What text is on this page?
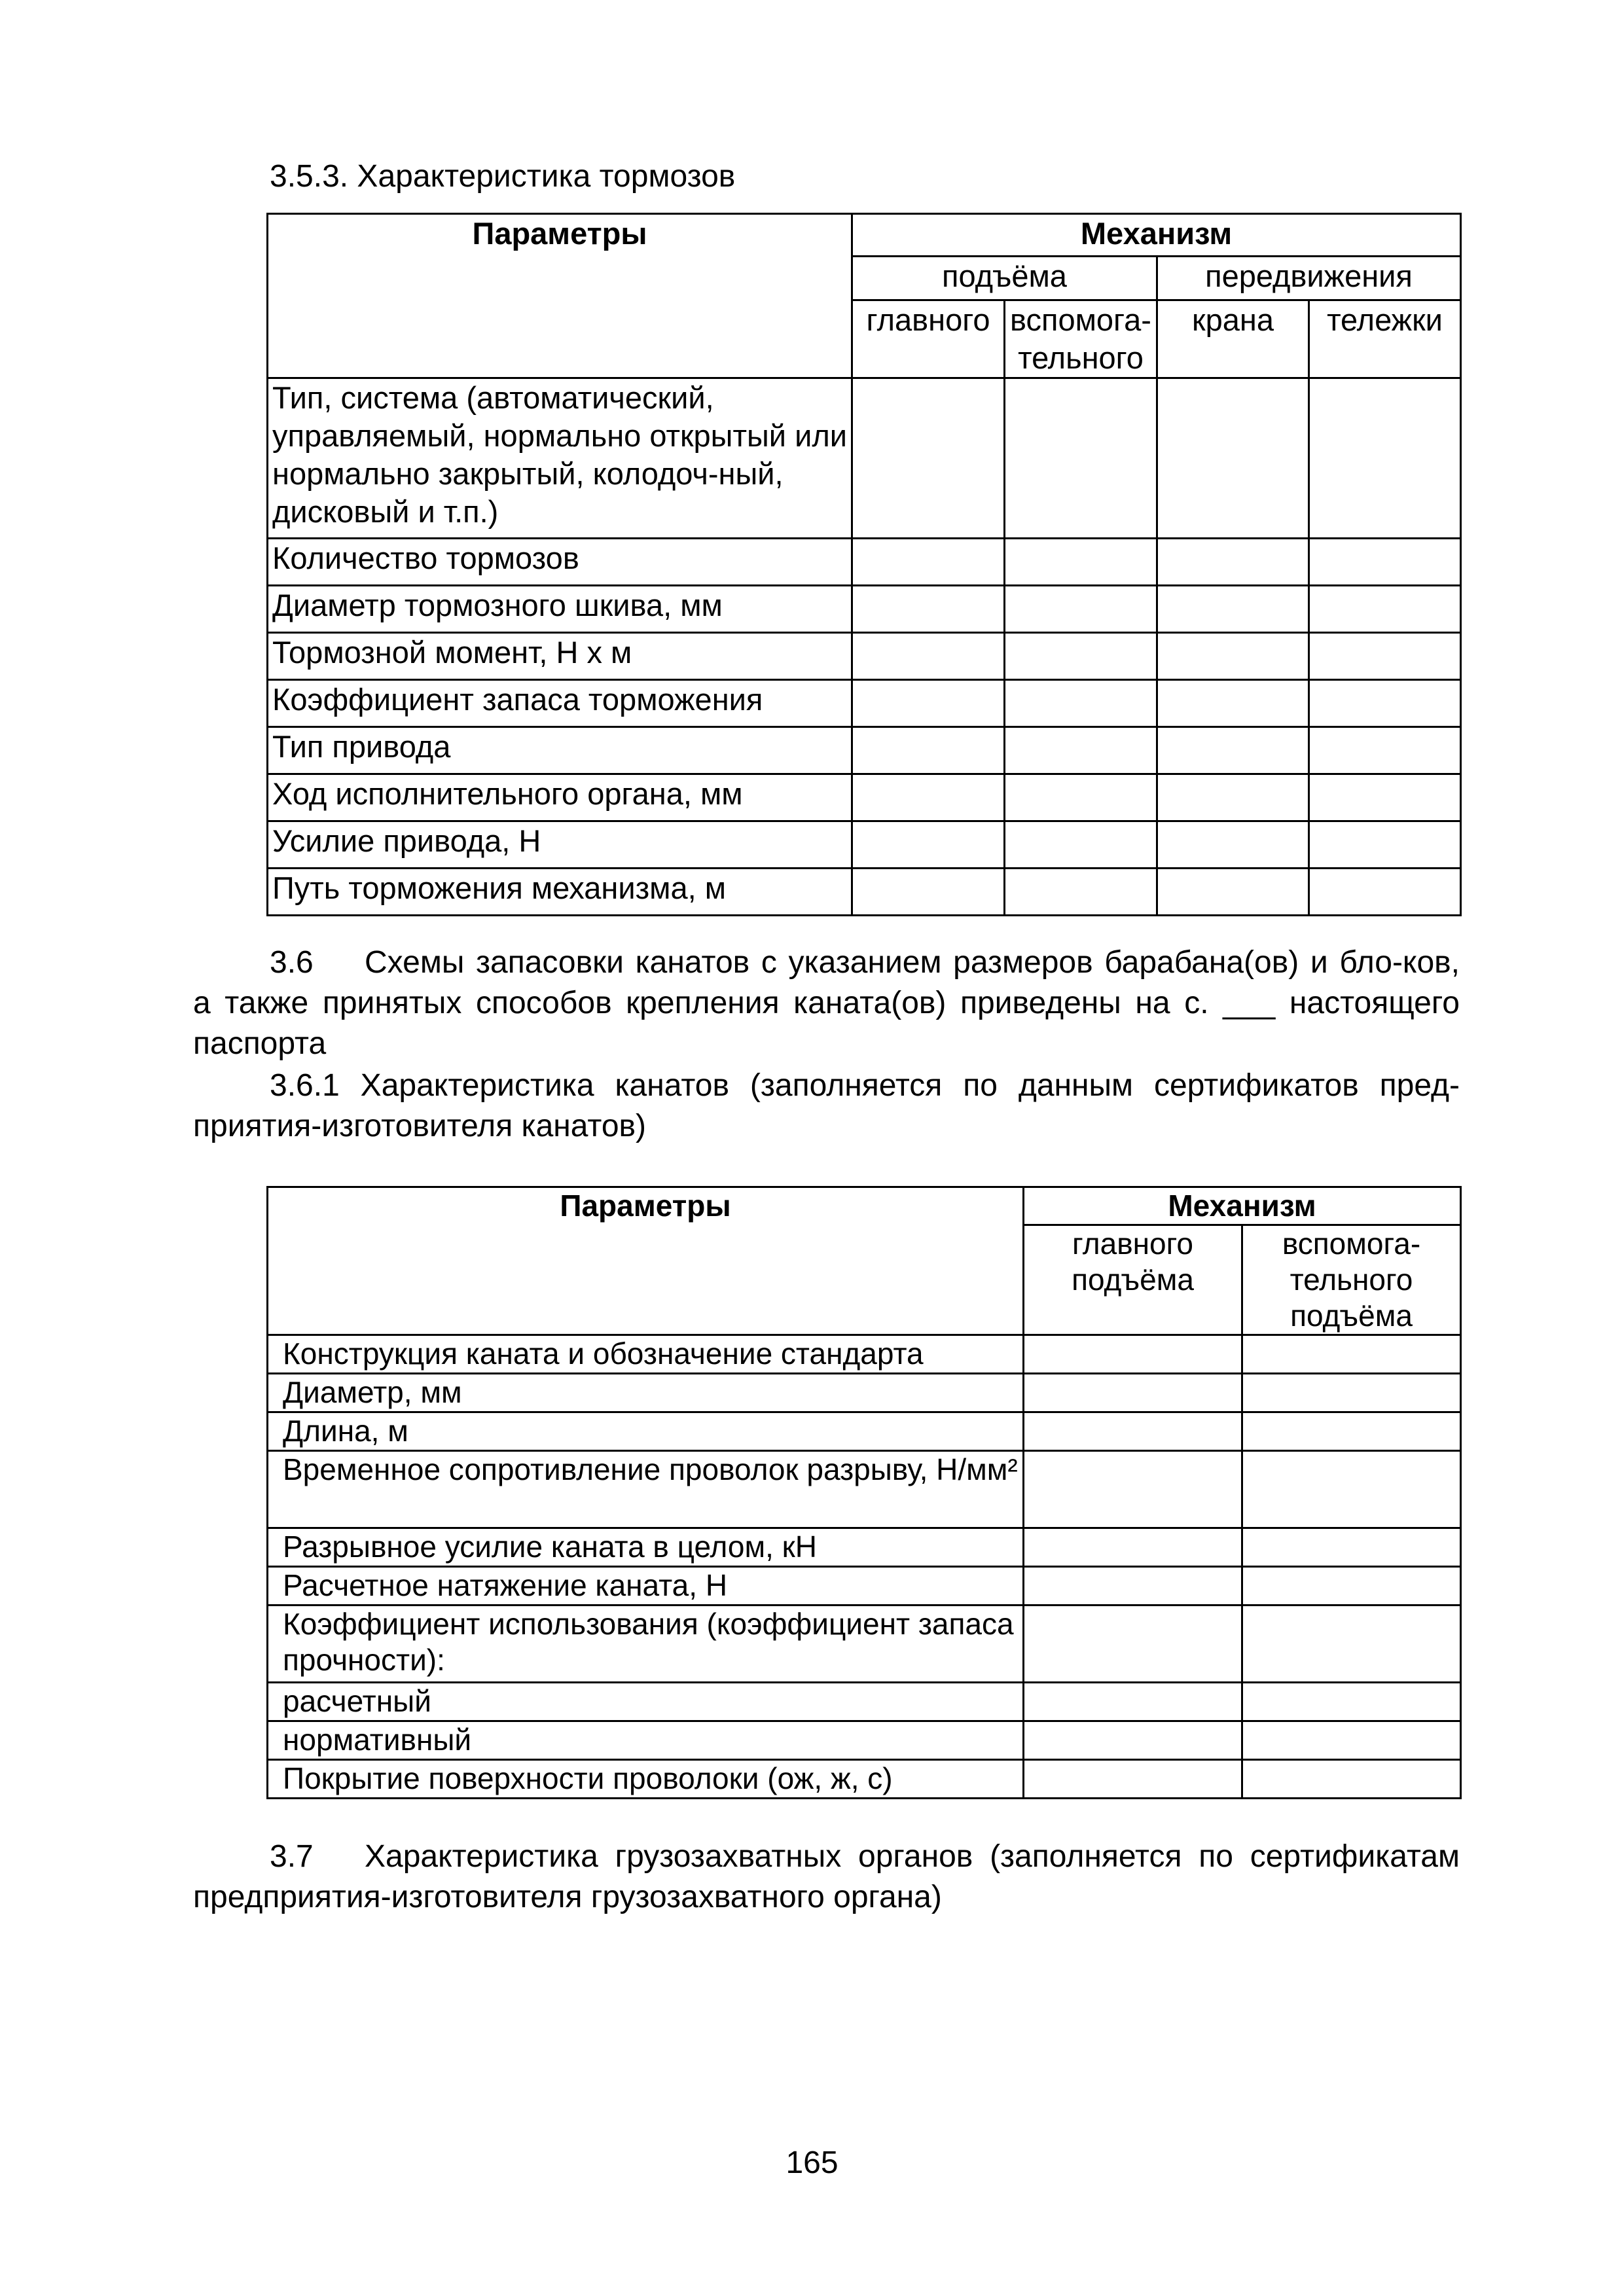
3.5.3. Характеристика тормозов
Параметры	Механизм			
	подъёма		передвижения	
	главного	вспомога-тельного	крана	тележки
Тип, система (автоматический, управляемый, нормально открытый или нормально закрытый, колодоч-ный, дисковый и т.п.)				
Количество тормозов				
Диаметр тормозного шкива, мм				
Тормозной момент, Н х м				
Коэффициент запаса торможения				
Тип привода				
Ход исполнительного органа, мм				
Усилие привода, Н				
Путь торможения механизма, м				

3.6 Схемы запасовки канатов с указанием размеров барабана(ов) и бло-ков, а также принятых способов крепления каната(ов) приведены на с. ___ настоящего паспорта

3.6.1 Характеристика канатов (заполняется по данным сертификатов пред-приятия-изготовителя канатов)

Параметры	Механизм	
	главного подъёма	вспомога-тельного подъёма
Конструкция каната и обозначение стандарта		
Диаметр, мм		
Длина, м		
Временное сопротивление проволок разрыву, Н/мм²		
Разрывное усилие каната в целом, кН		
Расчетное натяжение каната, Н		
Коэффициент использования (коэффициент запаса прочности):		
расчетный		
нормативный		
Покрытие поверхности проволоки (ож, ж, с)		

3.7 Характеристика грузозахватных органов (заполняется по сертификатам предприятия-изготовителя грузозахватного органа)

165
